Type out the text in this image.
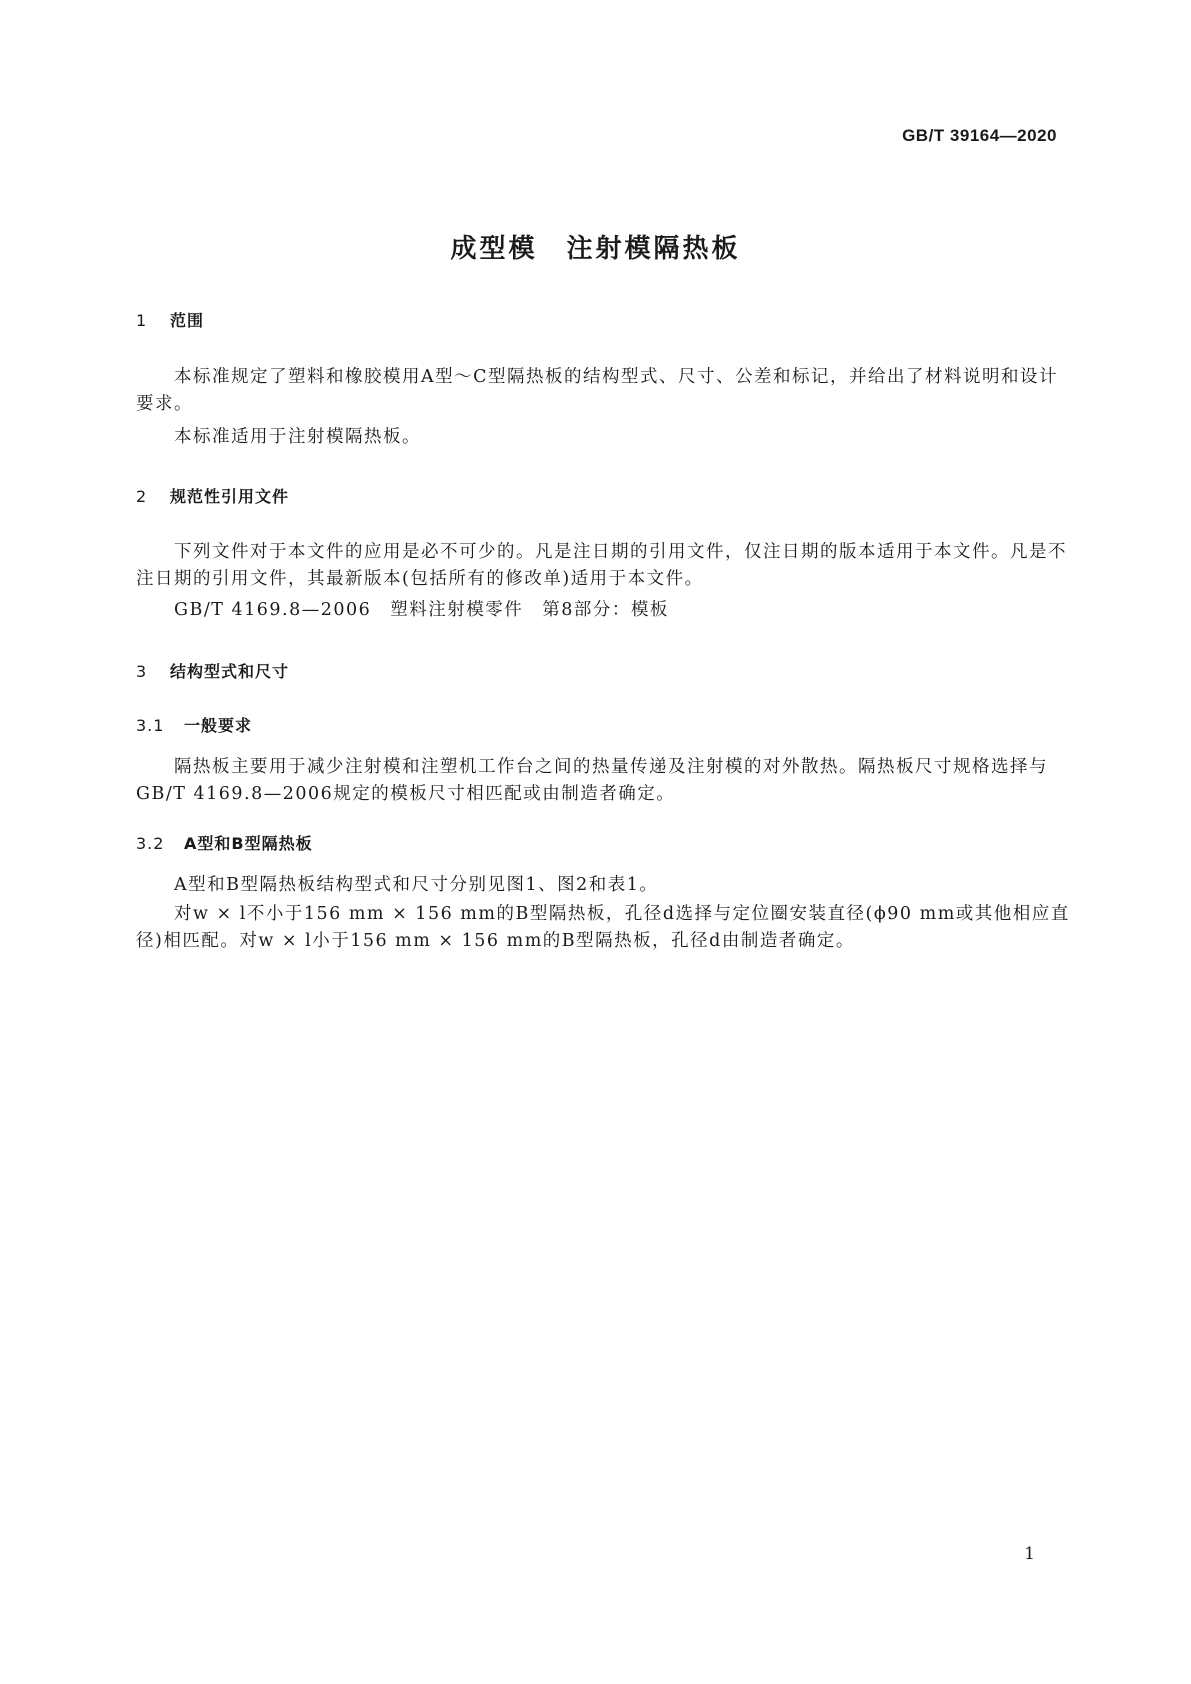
GB/T 39164—2020
成型模　注射模隔热板
1 范围

本标准规定了塑料和橡胶模用A型～C型隔热板的结构型式、尺寸、公差和标记，并给出了材料说明和设计要求。

本标准适用于注射模隔热板。

2 规范性引用文件

下列文件对于本文件的应用是必不可少的。凡是注日期的引用文件，仅注日期的版本适用于本文件。凡是不注日期的引用文件，其最新版本(包括所有的修改单)适用于本文件。

GB/T 4169.8—2006　塑料注射模零件　第8部分：模板

3 结构型式和尺寸
3.1 一般要求

隔热板主要用于减少注射模和注塑机工作台之间的热量传递及注射模的对外散热。隔热板尺寸规格选择与GB/T 4169.8—2006规定的模板尺寸相匹配或由制造者确定。

3.2 A型和B型隔热板

A型和B型隔热板结构型式和尺寸分别见图1、图2和表1。

对w × l不小于156 mm × 156 mm的B型隔热板，孔径d选择与定位圈安装直径(ϕ90 mm或其他相应直径)相匹配。对w × l小于156 mm × 156 mm的B型隔热板，孔径d由制造者确定。

1
